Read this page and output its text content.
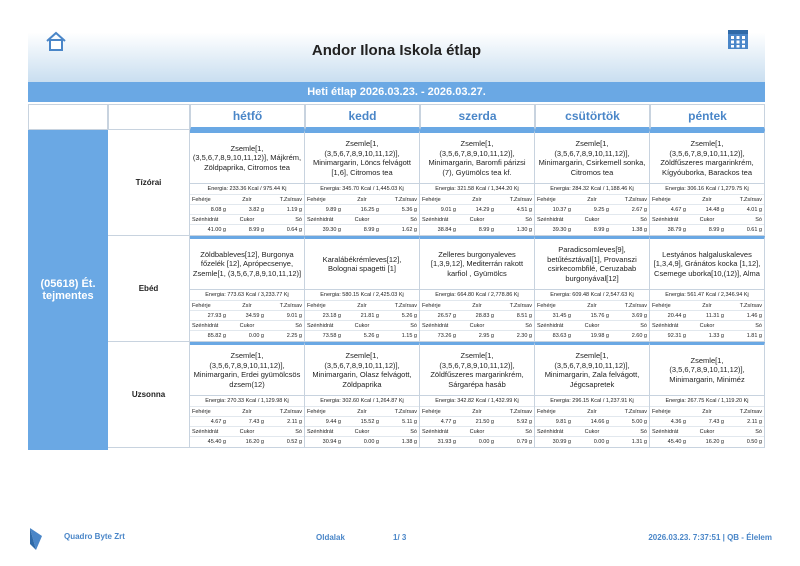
Andor Ilona Iskola étlap
Heti étlap 2026.03.23. - 2026.03.27.
hétfő	kedd	szerda	csütörtök	péntek
(05618) Ét. tejmentes
Tízórai
Zsemle[1, (3,5,6,7,8,9,10,11,12)], Májkrém, Zöldpaprika, Citromos tea
Energia: 233.36 Kcal / 975.44 Kj
Fehérje	Zsír	T.Zsírsav
8.08 g	3.82 g	1.19 g
Szénhidrát	Cukor	Só
41.00 g	8.99 g	0.64 g
Zsemle[1, (3,5,6,7,8,9,10,11,12)], Minimargarin, Löncs felvágott [1,6], Citromos tea
Energia: 345.70 Kcal / 1,445.03 Kj
Fehérje	Zsír	T.Zsírsav
9.89 g	16.25 g	5.36 g
Szénhidrát	Cukor	Só
39.30 g	8.99 g	1.62 g
Zsemle[1, (3,5,6,7,8,9,10,11,12)], Minimargarin, Baromfi párizsi (7), Gyümölcs tea kf.
Energia: 321.58 Kcal / 1,344.20 Kj
Fehérje	Zsír	T.Zsírsav
9.01 g	14.29 g	4.51 g
Szénhidrát	Cukor	Só
38.84 g	8.99 g	1.30 g
Zsemle[1, (3,5,6,7,8,9,10,11,12)], Minimargarin, Csirkemell sonka, Citromos tea
Energia: 284.32 Kcal / 1,188.46 Kj
Fehérje	Zsír	T.Zsírsav
10.37 g	9.25 g	2.67 g
Szénhidrát	Cukor	Só
39.30 g	8.99 g	1.38 g
Zsemle[1, (3,5,6,7,8,9,10,11,12)], Zöldfűszeres margarinkrém, Kígyóuborka, Barackos tea
Energia: 306.16 Kcal / 1,279.75 Kj
Fehérje	Zsír	T.Zsírsav
4.67 g	14.48 g	4.01 g
Szénhidrát	Cukor	Só
38.79 g	8.99 g	0.61 g
Ebéd
Zöldbableves[12], Burgonya főzelék [12], Aprópecsenye, Zsemle[1, (3,5,6,7,8,9,10,11,12)]
Energia: 773.63 Kcal / 3,233.77 Kj
Fehérje	Zsír	T.Zsírsav
27.93 g	34.59 g	9.01 g
Szénhidrát	Cukor	Só
85.82 g	0.00 g	2.25 g
Karalábékrémleves[12], Bolognai spagetti [1]
Energia: 580.15 Kcal / 2,425.03 Kj
Fehérje	Zsír	T.Zsírsav
23.18 g	21.81 g	5.26 g
Szénhidrát	Cukor	Só
73.58 g	5.26 g	1.15 g
Zelleres burgonyaleves [1,3,9,12], Mediterrán rakott karfiol , Gyümölcs
Energia: 664.80 Kcal / 2,778.86 Kj
Fehérje	Zsír	T.Zsírsav
26.57 g	28.83 g	8.51 g
Szénhidrát	Cukor	Só
73.26 g	2.95 g	2.30 g
Paradicsomleves[9], betűtésztával[1], Provanszi csirkecombfilé, Ceruzabab burgonyával[12]
Energia: 609.48 Kcal / 2,547.63 Kj
Fehérje	Zsír	T.Zsírsav
31.45 g	15.76 g	3.69 g
Szénhidrát	Cukor	Só
83.63 g	19.98 g	2.60 g
Lestyános halgaluskaleves [1,3,4,9], Gránátos kocka [1,12], Csemege uborka[10,(12)], Alma
Energia: 561.47 Kcal / 2,346.94 Kj
Fehérje	Zsír	T.Zsírsav
20.44 g	11.31 g	1.46 g
Szénhidrát	Cukor	Só
92.31 g	1.33 g	1.81 g
Uzsonna
Zsemle[1, (3,5,6,7,8,9,10,11,12)], Minimargarin, Erdei gyümölcsös dzsem(12)
Energia: 270.33 Kcal / 1,129.98 Kj
Fehérje	Zsír	T.Zsírsav
4.67 g	7.43 g	2.11 g
Szénhidrát	Cukor	Só
45.40 g	16.20 g	0.52 g
Zsemle[1, (3,5,6,7,8,9,10,11,12)], Minimargarin, Olasz felvágott, Zöldpaprika
Energia: 302.60 Kcal / 1,264.87 Kj
Fehérje	Zsír	T.Zsírsav
9.44 g	15.52 g	5.11 g
Szénhidrát	Cukor	Só
30.94 g	0.00 g	1.38 g
Zsemle[1, (3,5,6,7,8,9,10,11,12)], Zöldfűszeres margarinkrém, Sárgarépa hasáb
Energia: 342.82 Kcal / 1,432.99 Kj
Fehérje	Zsír	T.Zsírsav
4.77 g	21.50 g	5.92 g
Szénhidrát	Cukor	Só
31.93 g	0.00 g	0.79 g
Zsemle[1, (3,5,6,7,8,9,10,11,12)], Minimargarin, Zala felvágott, Jégcsapretek
Energia: 296.15 Kcal / 1,237.91 Kj
Fehérje	Zsír	T.Zsírsav
9.81 g	14.66 g	5.00 g
Szénhidrát	Cukor	Só
30.99 g	0.00 g	1.31 g
Zsemle[1, (3,5,6,7,8,9,10,11,12)], Minimargarin, Miniméz
Energia: 267.75 Kcal / 1,119.20 Kj
Fehérje	Zsír	T.Zsírsav
4.36 g	7.43 g	2.11 g
Szénhidrát	Cukor	Só
45.40 g	16.20 g	0.50 g
Quadro Byte Zrt	Oldalak	1/ 3	2026.03.23. 7:37:51 | QB - Élelem
